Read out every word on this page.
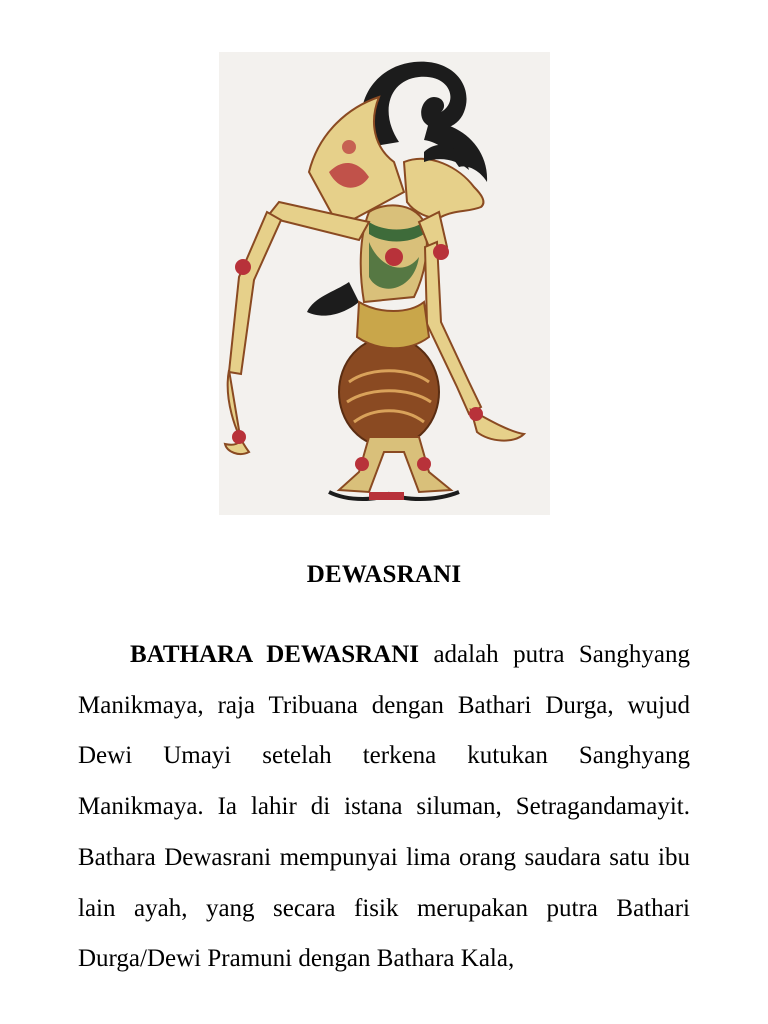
DEWASRANI

BATHARA DEWASRANI adalah putra Sanghyang Manikmaya, raja Tribuana dengan Bathari Durga, wujud Dewi Umayi setelah terkena kutukan Sanghyang Manikmaya. Ia lahir di istana siluman, Setragandamayit. Bathara Dewasrani mempunyai lima orang saudara satu ibu lain ayah, yang secara fisik merupakan putra Bathari Durga/Dewi Pramuni dengan Bathara Kala,
